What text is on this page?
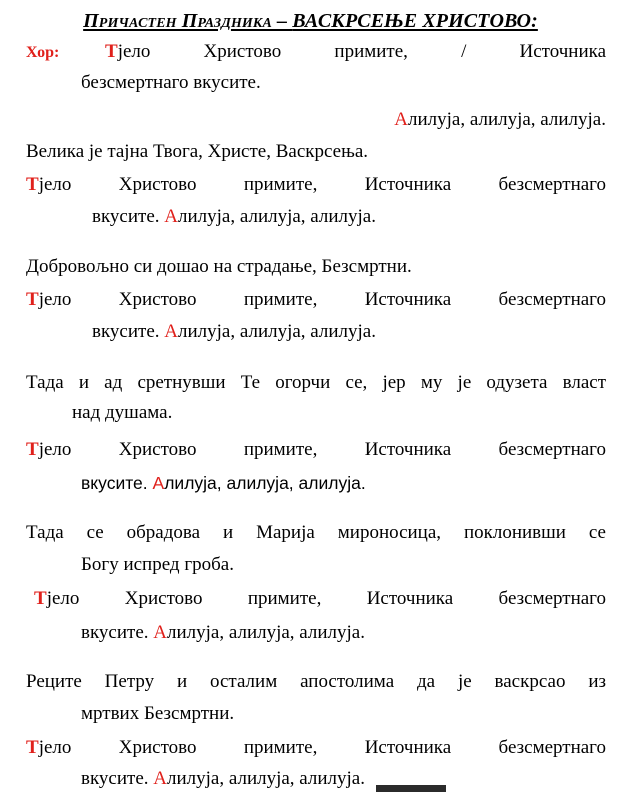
Причастен Праздника – ВАСКРСЕЊЕ ХРИСТОВО:
Хор: Тјело Христово примите, / Источника
безсмертнаго вкусите.
Алилуја, алилуја, алилуја.
Велика је тајна Твога, Христе, Васкрсења.
Тјело Христово примите, Источника безсмертнаго
вкусите. Алилуја, алилуја, алилуја.
Добровољно си дошао на страдање, Безсмртни.
Тјело Христово примите, Источника безсмертнаго
вкусите. Алилуја, алилуја, алилуја.
Тада и ад сретнувши Те огорчи се, јер му је одузета власт
над душама.
Тјело Христово примите, Источника безсмертнаго
вкусите. Алилуја, алилуја, алилуја.
Тада се обрадова и Марија мироносица, поклонивши се
Богу испред гроба.
Тјело Христово примите, Источника безсмертнаго
вкусите. Алилуја, алилуја, алилуја.
Реците Петру и осталим апостолима да је васкрсао из
мртвих Безсмртни.
Тјело Христово примите, Источника безсмертнаго
вкусите. Алилуја, алилуја, алилуја.
